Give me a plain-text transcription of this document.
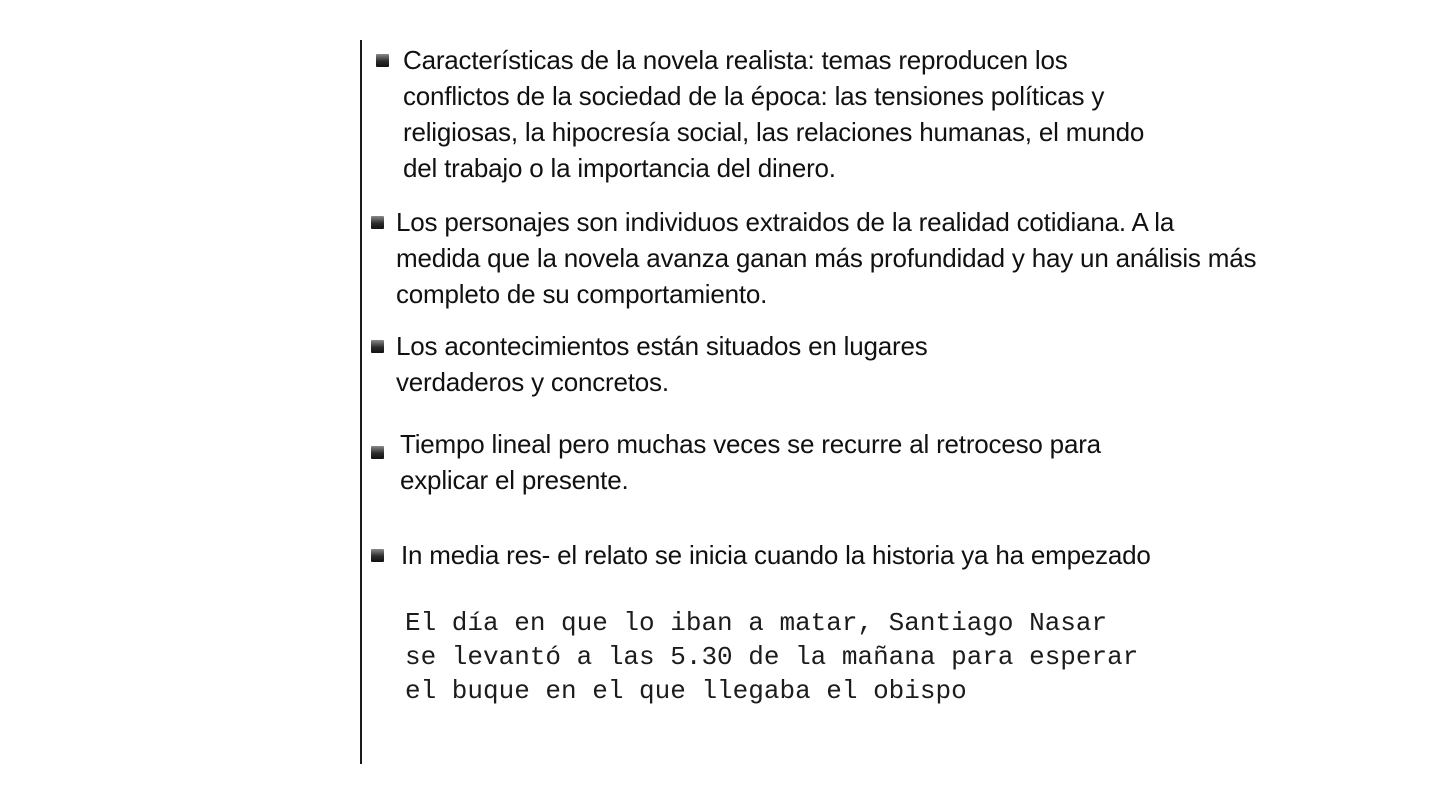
Características de la novela realista: temas reproducen los
conflictos de la sociedad de la época: las tensiones políticas y
religiosas, la hipocresía social, las relaciones humanas, el mundo
del trabajo o la importancia del dinero.
Los personajes son individuos extraidos de la realidad cotidiana. A la
medida que la novela avanza ganan más profundidad y hay un análisis más
completo de su comportamiento.
Los acontecimientos están situados en lugares
verdaderos y concretos.
Tiempo lineal pero muchas veces se recurre al retroceso para
explicar el presente.
In media res- el relato se inicia cuando la historia ya ha empezado
El día en que lo iban a matar, Santiago Nasar
se levantó a las 5.30 de la mañana para esperar
el buque en el que llegaba el obispo
